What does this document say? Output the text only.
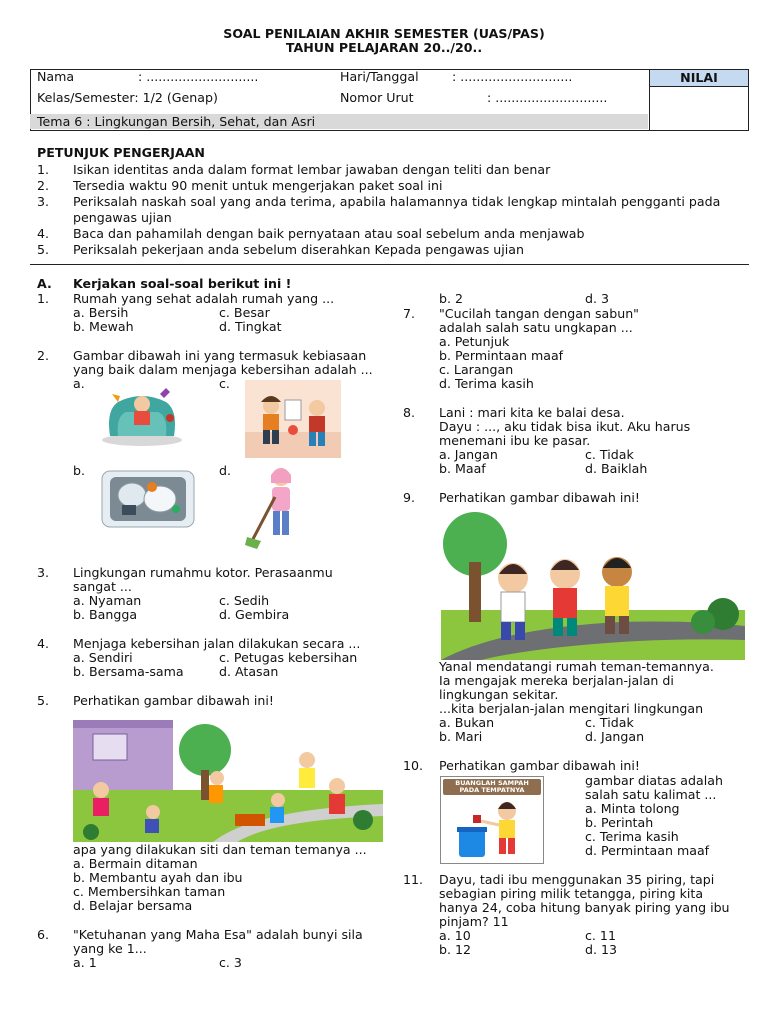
SOAL PENILAIAN AKHIR SEMESTER (UAS/PAS)
TAHUN PELAJARAN 20../20..
NILAI
Nama	: ............................	Hari/Tanggal	: ............................
Kelas/Semester: 1/2 (Genap)	Nomor Urut	: ............................
Tema 6 : Lingkungan Bersih, Sehat, dan Asri
PETUNJUK PENGERJAAN
1. Isikan identitas anda dalam format lembar jawaban dengan teliti dan benar
2. Tersedia waktu 90 menit untuk mengerjakan paket soal ini
3. Periksalah naskah soal yang anda terima, apabila halamannya tidak lengkap mintalah pengganti pada
pengawas ujian
4. Baca dan pahamilah dengan baik pernyataan atau soal sebelum anda menjawab
5. Periksalah pekerjaan anda sebelum diserahkan Kepada pengawas ujian
A. Kerjakan soal-soal berikut ini !
1. Rumah yang sehat adalah rumah yang ...
a. Bersih	c. Besar
b. Mewah	d. Tingkat
2. Gambar dibawah ini yang termasuk kebiasaan
yang baik dalam menjaga kebersihan adalah ...
a.	c.
b.	d.
3. Lingkungan rumahmu kotor. Perasaanmu
sangat ...
a. Nyaman	c. Sedih
b. Bangga	d. Gembira
4. Menjaga kebersihan jalan dilakukan secara ...
a. Sendiri	c. Petugas kebersihan
b. Bersama-sama	d. Atasan
5. Perhatikan gambar dibawah ini!
apa yang dilakukan siti dan teman temanya ...
a. Bermain ditaman
b. Membantu ayah dan ibu
c. Membersihkan taman
d. Belajar bersama
6. "Ketuhanan yang Maha Esa" adalah bunyi sila
yang ke 1...
a. 1	c. 3
b. 2	d. 3
7. "Cucilah tangan dengan sabun"
adalah salah satu ungkapan ...
a. Petunjuk
b. Permintaan maaf
c. Larangan
d. Terima kasih
8. Lani : mari kita ke balai desa.
Dayu : ..., aku tidak bisa ikut. Aku harus
menemani ibu ke pasar.
a. Jangan	c. Tidak
b. Maaf	d. Baiklah
9. Perhatikan gambar dibawah ini!
Yanal mendatangi rumah teman-temannya.
Ia mengajak mereka berjalan-jalan di
lingkungan sekitar.
...kita berjalan-jalan mengitari lingkungan
a. Bukan	c. Tidak
b. Mari	d. Jangan
10. Perhatikan gambar dibawah ini!
BUANGLAH SAMPAH
PADA TEMPATNYA
gambar diatas adalah
salah satu kalimat ...
a. Minta tolong
b. Perintah
c. Terima kasih
d. Permintaan maaf
11. Dayu, tadi ibu menggunakan 35 piring, tapi
sebagian piring milik tetangga, piring kita
hanya 24, coba hitung banyak piring yang ibu
pinjam? 11
a. 10	c. 11
b. 12	d. 13
